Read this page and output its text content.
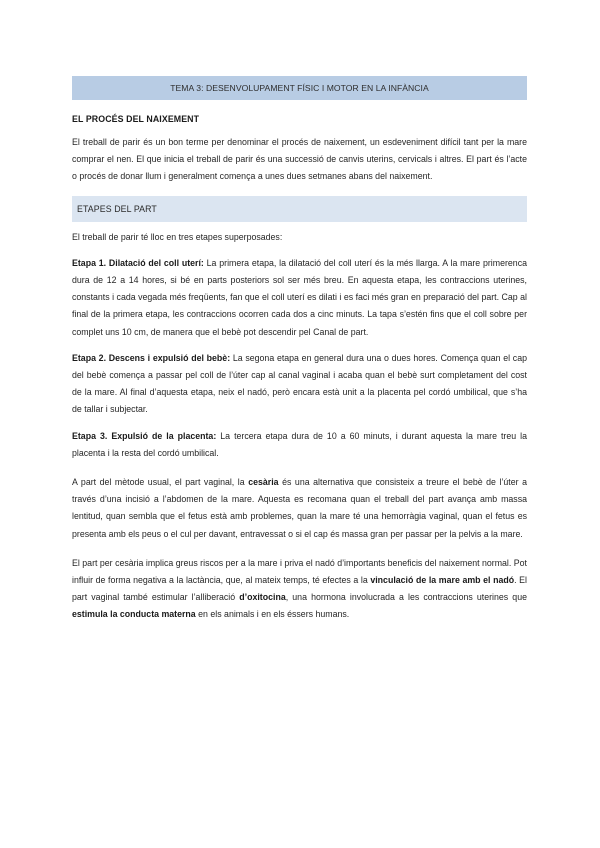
TEMA 3: DESENVOLUPAMENT FÍSIC I MOTOR EN LA INFÀNCIA
EL PROCÉS DEL NAIXEMENT

El treball de parir és un bon terme per denominar el procés de naixement, un esdeveniment difícil tant per la mare comprar el nen. El que inicia el treball de parir és una successió de canvis uterins, cervicals i altres. El part és l’acte o procés de donar llum i generalment comença a unes dues setmanes abans del naixement.

ETAPES DEL PART

El treball de parir té lloc en tres etapes superposades:

Etapa 1. Dilatació del coll uterí: La primera etapa, la dilatació del coll uterí és la més llarga. A la mare primerenca dura de 12 a 14 hores, si bé en parts posteriors sol ser més breu. En aquesta etapa, les contraccions uterines, constants i cada vegada més freqüents, fan que el coll uterí es dilati i es faci més gran en preparació del part. Cap al final de la primera etapa, les contraccions ocorren cada dos a cinc minuts. La tapa s’estén fins que el coll sobre per complet uns 10 cm, de manera que el bebè pot descendir pel Canal de part.

Etapa 2. Descens i expulsió del bebè: La segona etapa en general dura una o dues hores. Comença quan el cap del bebè comença a passar pel coll de l’úter cap al canal vaginal i acaba quan el bebè surt completament del cost de la mare. Al final d’aquesta etapa, neix el nadó, però encara està unit a la placenta pel cordó umbilical, que s’ha de tallar i subjectar.

Etapa 3. Expulsió de la placenta: La tercera etapa dura de 10 a 60 minuts, i durant aquesta la mare treu la placenta i la resta del cordó umbilical.

A part del mètode usual, el part vaginal, la cesària és una alternativa que consisteix a treure el bebè de l’úter a través d’una incisió a l’abdomen de la mare. Aquesta es recomana quan el treball del part avança amb massa lentitud, quan sembla que el fetus està amb problemes, quan la mare té una hemorràgia vaginal, quan el fetus es presenta amb els peus o el cul per davant, entravessat o si el cap és massa gran per passar per la pelvis a la mare.

El part per cesària implica greus riscos per a la mare i priva el nadó d’importants beneficis del naixement normal. Pot influir de forma negativa a la lactància, que, al mateix temps, té efectes a la vinculació de la mare amb el nadó. El part vaginal també estimular l’alliberació d’oxitocina, una hormona involucrada a les contraccions uterines que estimula la conducta materna en els animals i en els éssers humans.
